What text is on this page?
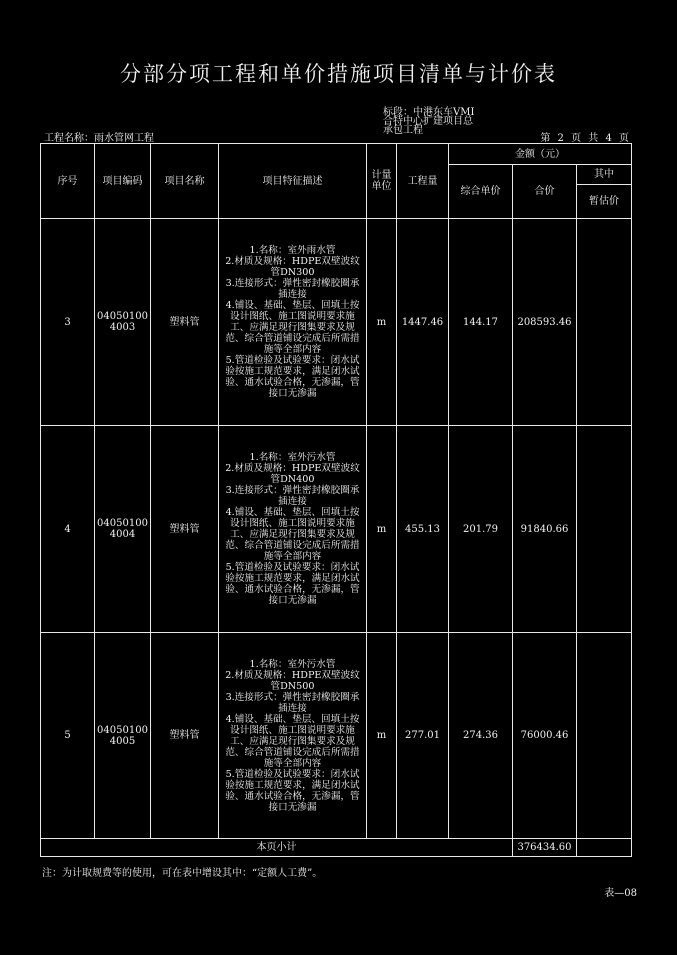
分部分项工程和单价措施项目清单与计价表
标段：中港东车VMI
合特中心扩建项目总
承包工程
工程名称：雨水管网工程	第 2 页 共 4 页
序号	项目编码	项目名称	项目特征描述	计量单位	工程量	金额（元）		
						综合单价	合价	其中
								暂估价
3	040501004003	塑料管	1.名称：室外雨水管
2.材质及规格：HDPE双壁波纹管DN300
3.连接形式：弹性密封橡胶圈承插连接
4.铺设、基础、垫层、回填土按设计图纸、施工图说明要求施工、应满足现行图集要求及规范、综合管道铺设完成后所需措施等全部内容
5.管道检验及试验要求：闭水试验按施工规范要求，满足闭水试验、通水试验合格，无渗漏，管接口无渗漏	m	1447.46	144.17	208593.46	
4	040501004004	塑料管	1.名称：室外污水管
2.材质及规格：HDPE双壁波纹管DN400
3.连接形式：弹性密封橡胶圈承插连接
4.铺设、基础、垫层、回填土按设计图纸、施工图说明要求施工、应满足现行图集要求及规范、综合管道铺设完成后所需措施等全部内容
5.管道检验及试验要求：闭水试验按施工规范要求，满足闭水试验、通水试验合格，无渗漏，管接口无渗漏	m	455.13	201.79	91840.66	
5	040501004005	塑料管	1.名称：室外污水管
2.材质及规格：HDPE双壁波纹管DN500
3.连接形式：弹性密封橡胶圈承插连接
4.铺设、基础、垫层、回填土按设计图纸、施工图说明要求施工、应满足现行图集要求及规范、综合管道铺设完成后所需措施等全部内容
5.管道检验及试验要求：闭水试验按施工规范要求，满足闭水试验、通水试验合格，无渗漏，管接口无渗漏	m	277.01	274.36	76000.46	
本页小计							376434.60	
注：为计取规费等的使用，可在表中增设其中：“定额人工费”。
表—08
